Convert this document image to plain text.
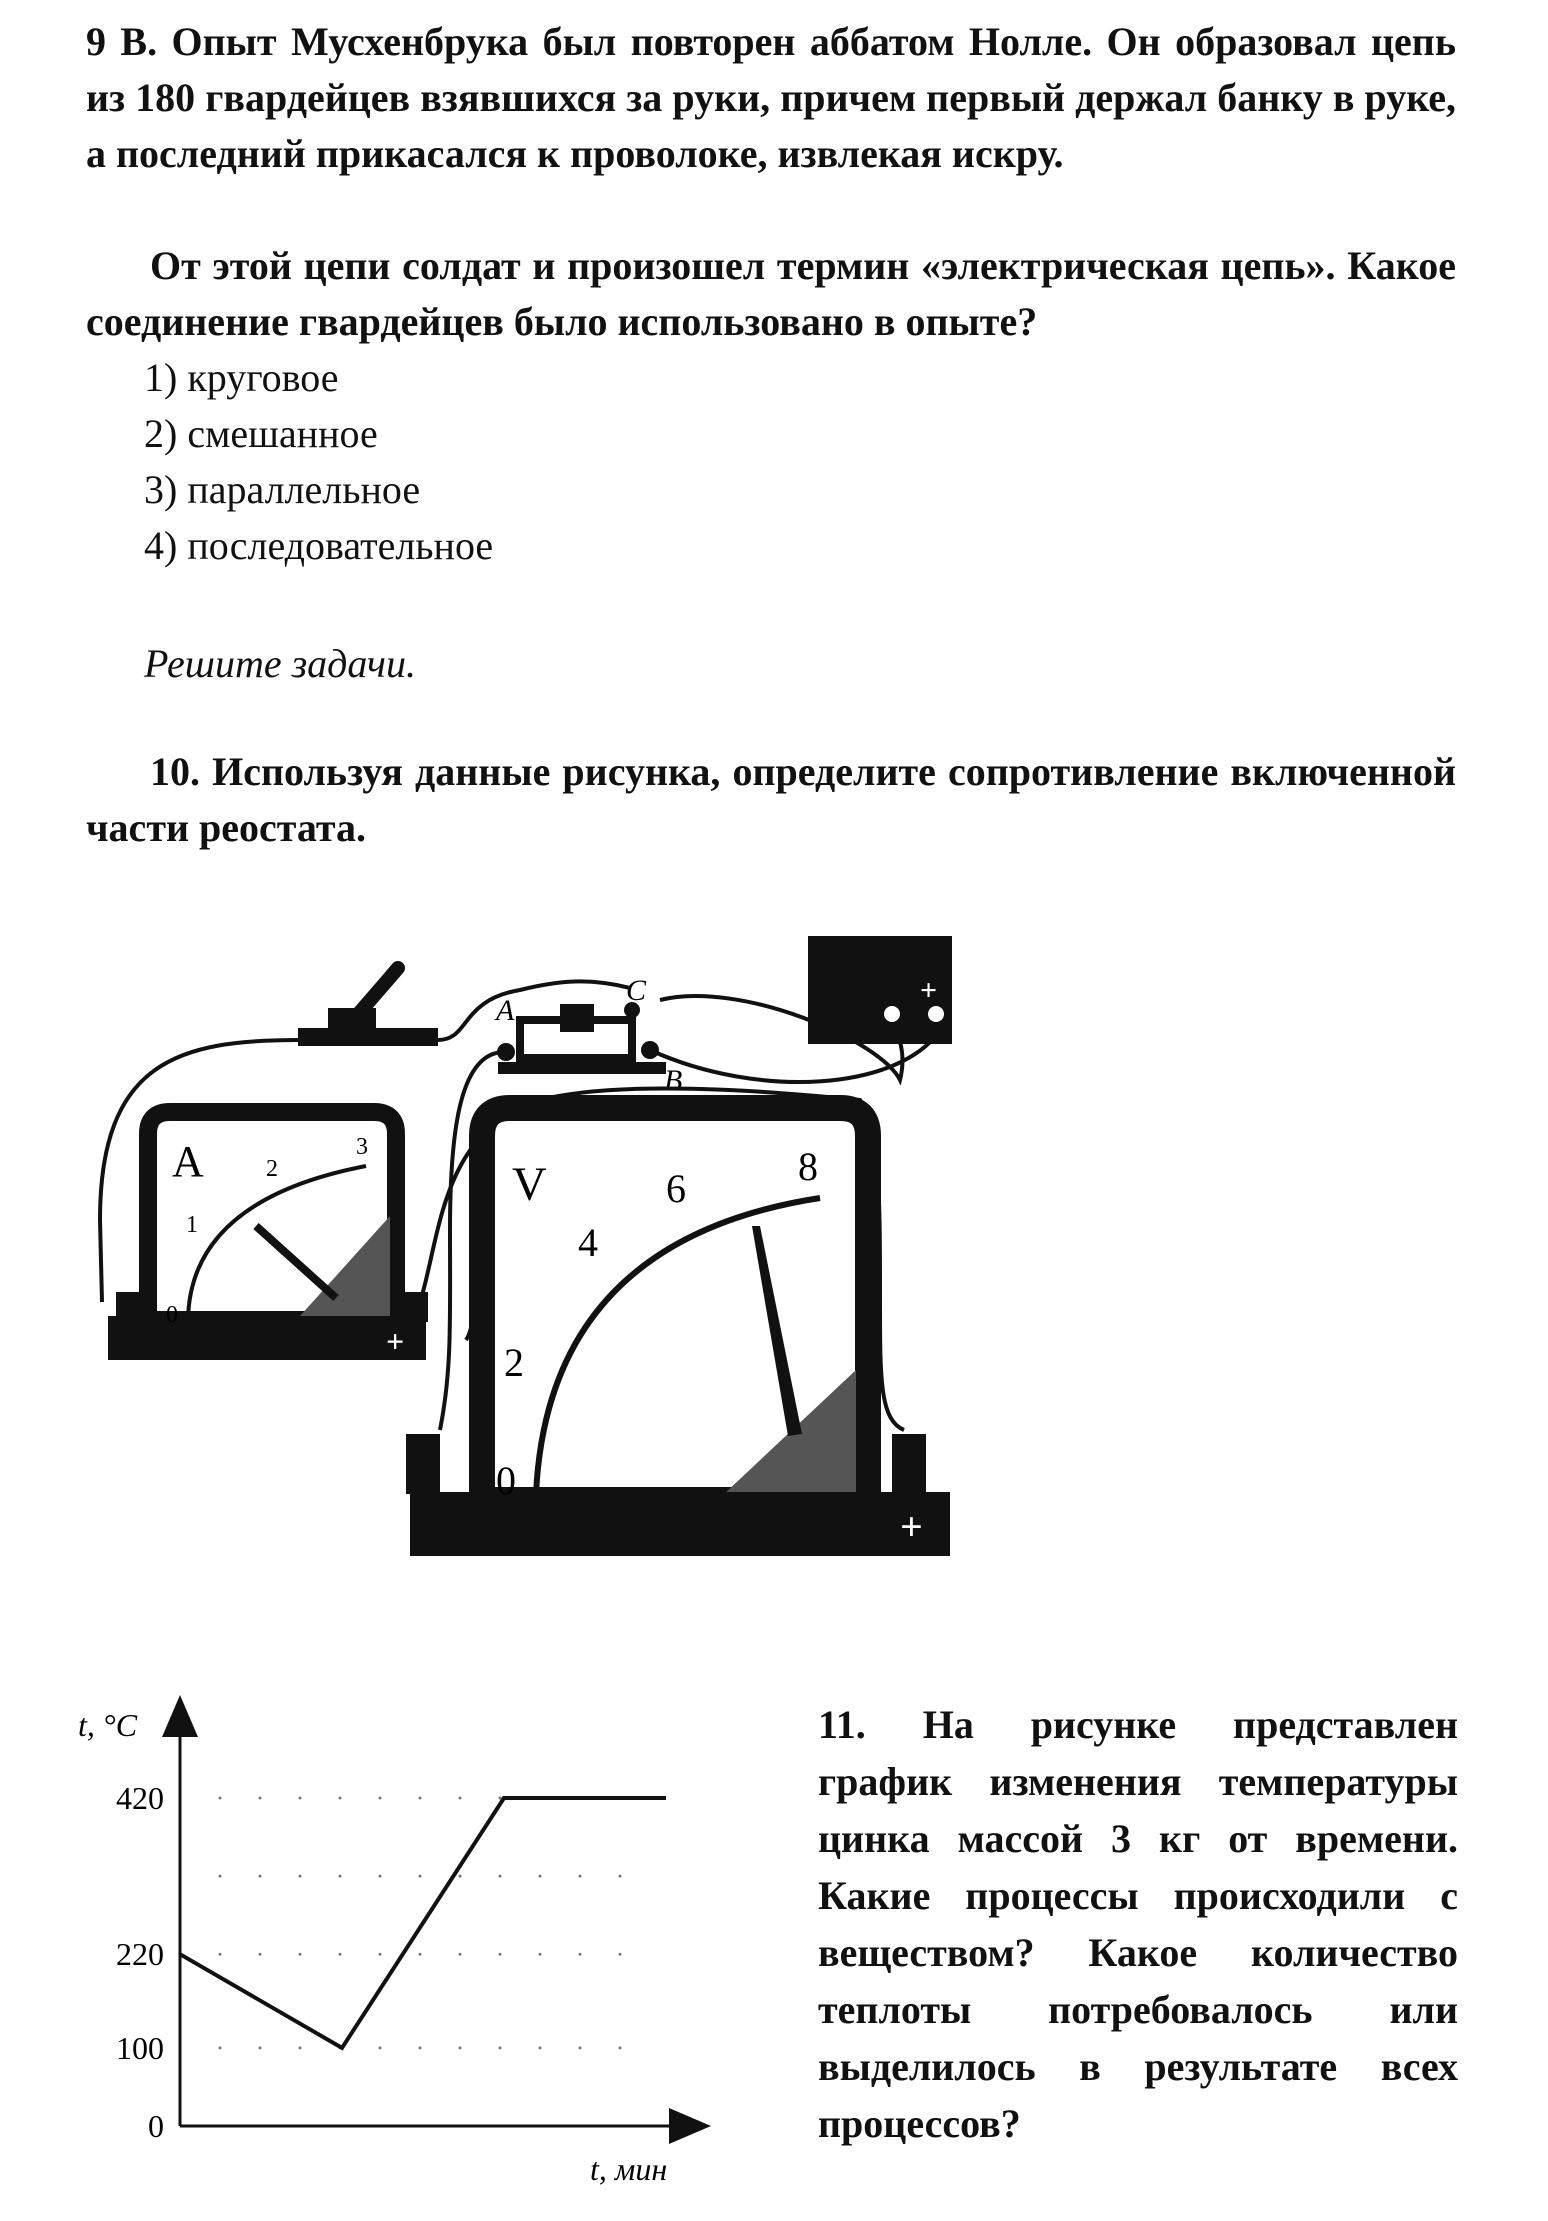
9 В. Опыт Мусхенбрука был повторен аббатом Нолле. Он образовал цепь из 180 гвардейцев взявшихся за руки, причем первый держал банку в руке, а последний прикасался к проволоке, извлекая искру.
От этой цепи солдат и произошел термин «электрическая цепь». Какое соединение гвардейцев было использовано в опыте?
1) круговое
2) смешанное
3) параллельное
4) последовательное
Решите задачи.
10. Используя данные рисунка, определите сопротивление включенной части реостата.
A
C
B
+
+
A
0
1
2
3
+
V
0
2
4
6	8
t, °C
t, мин
0
100
220
420
11. На рисунке представлен график изменения температуры цинка массой 3 кг от времени. Какие процессы происходили с веществом? Какое количество теплоты потребовалось или выделилось в результате всех процессов?
